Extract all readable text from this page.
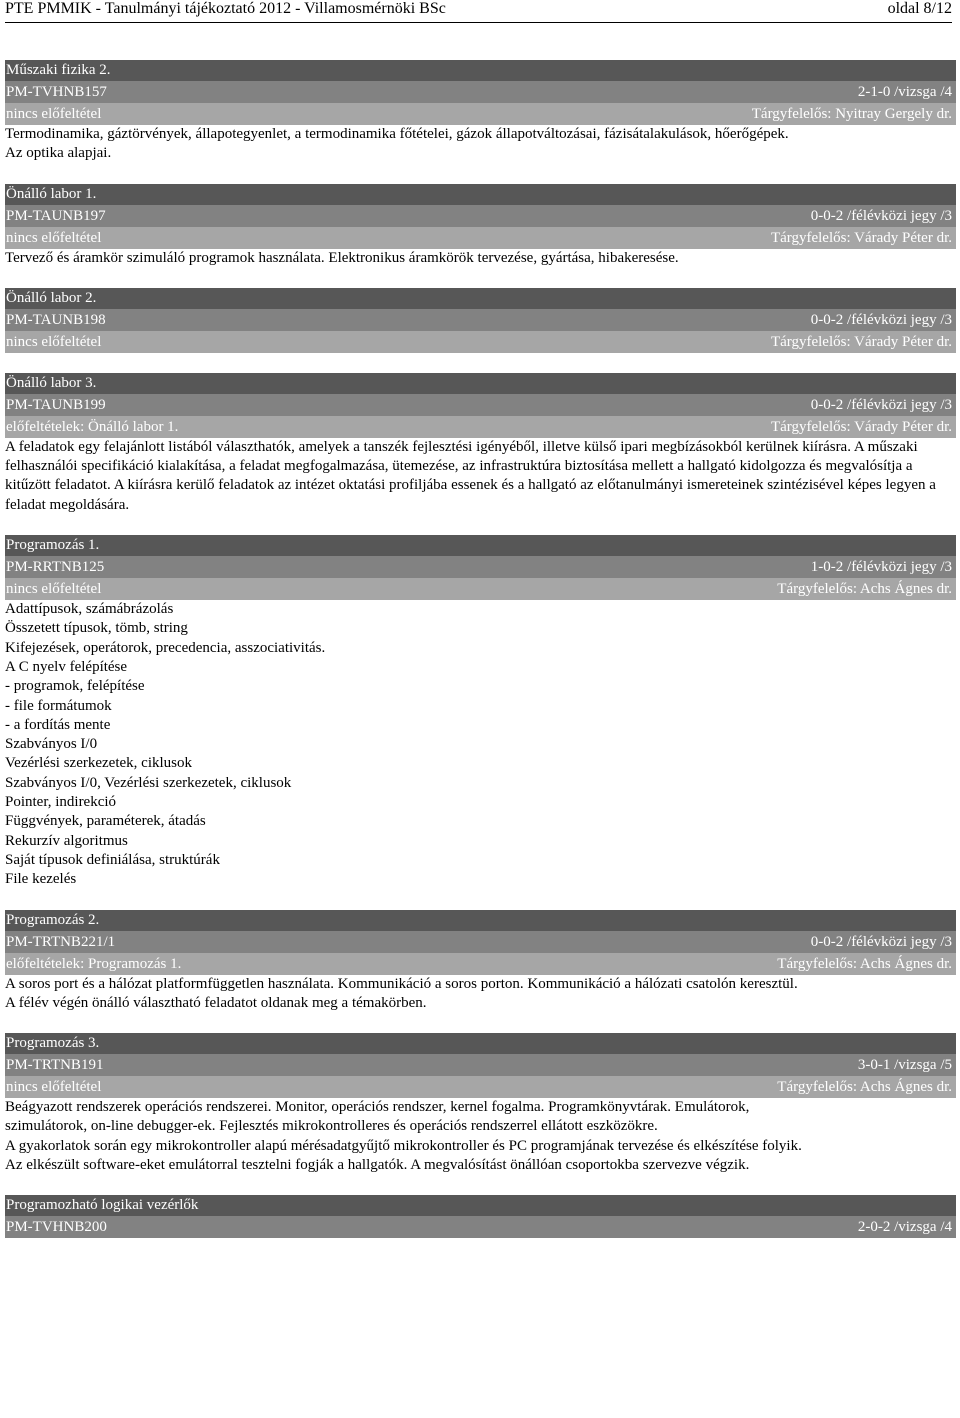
PTE PMMIK - Tanulmányi tájékoztató 2012 - Villamosmérnöki BSc	oldal 8/12
Műszaki fizika 2.
PM-TVHNB157	2-1-0 /vizsga /4
nincs előfeltétel	Tárgyfelelős: Nyitray Gergely dr.
Termodinamika, gáztörvények, állapotegyenlet, a termodinamika főtételei, gázok állapotváltozásai, fázisátalakulások, hőerőgépek.
Az optika alapjai.
Önálló labor 1.
PM-TAUNB197	0-0-2 /félévközi jegy /3
nincs előfeltétel	Tárgyfelelős: Várady Péter dr.
Tervező és áramkör szimuláló programok használata. Elektronikus áramkörök tervezése, gyártása, hibakeresése.
Önálló labor 2.
PM-TAUNB198	0-0-2 /félévközi jegy /3
nincs előfeltétel	Tárgyfelelős: Várady Péter dr.
Önálló labor 3.
PM-TAUNB199	0-0-2 /félévközi jegy /3
előfeltételek: Önálló labor 1.	Tárgyfelelős: Várady Péter dr.
A feladatok egy felajánlott listából választhatók, amelyek a tanszék fejlesztési igényéből, illetve külső ipari megbízásokból kerülnek kiírásra. A műszaki felhasználói specifikáció kialakítása, a feladat megfogalmazása, ütemezése, az infrastruktúra biztosítása mellett a hallgató kidolgozza és megvalósítja a kitűzött feladatot. A kiírásra kerülő feladatok az intézet oktatási profiljába essenek és a hallgató az előtanulmányi ismereteinek szintézisével képes legyen a feladat megoldására.
Programozás 1.
PM-RRTNB125	1-0-2 /félévközi jegy /3
nincs előfeltétel	Tárgyfelelős: Achs Ágnes dr.
Adattípusok, számábrázolás
Összetett típusok, tömb, string
Kifejezések, operátorok, precedencia, asszociativitás.
A C nyelv felépítése
- programok, felépítése
- file formátumok
- a fordítás mente
Szabványos I/0
Vezérlési szerkezetek, ciklusok
Szabványos I/0, Vezérlési szerkezetek, ciklusok
Pointer, indirekció
Függvények, paraméterek, átadás
Rekurzív algoritmus
Saját típusok definiálása, struktúrák
File kezelés
Programozás 2.
PM-TRTNB221/1	0-0-2 /félévközi jegy /3
előfeltételek: Programozás 1.	Tárgyfelelős: Achs Ágnes dr.
A soros port és a hálózat platformfüggetlen használata. Kommunikáció a soros porton. Kommunikáció a hálózati csatolón keresztül.
A félév végén önálló választható feladatot oldanak meg a témakörben.
Programozás 3.
PM-TRTNB191	3-0-1 /vizsga /5
nincs előfeltétel	Tárgyfelelős: Achs Ágnes dr.
Beágyazott rendszerek operációs rendszerei. Monitor, operációs rendszer, kernel fogalma. Programkönyvtárak. Emulátorok,
szimulátorok, on-line debugger-ek. Fejlesztés mikrokontrolleres és operációs rendszerrel ellátott eszközökre.
A gyakorlatok során egy mikrokontroller alapú mérésadatgyűjtő mikrokontroller és PC programjának tervezése és elkészítése folyik.
Az elkészült software-eket emulátorral tesztelni fogják a hallgatók. A megvalósítást önállóan csoportokba szervezve végzik.
Programozható logikai vezérlők
PM-TVHNB200	2-0-2 /vizsga /4
